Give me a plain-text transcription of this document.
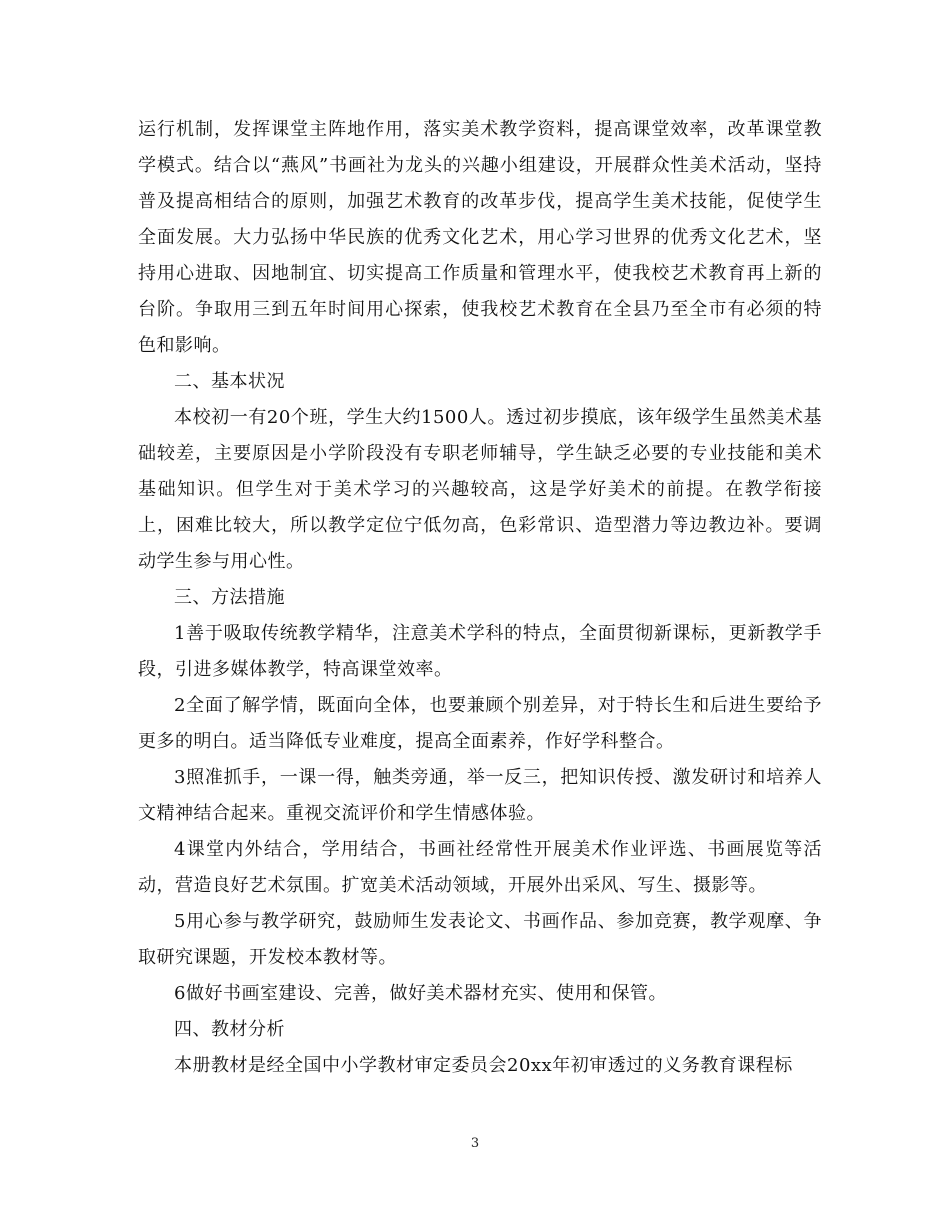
运行机制，发挥课堂主阵地作用，落实美术教学资料，提高课堂效率，改革课堂教学模式。结合以“燕风”书画社为龙头的兴趣小组建设，开展群众性美术活动，坚持普及提高相结合的原则，加强艺术教育的改革步伐，提高学生美术技能，促使学生全面发展。大力弘扬中华民族的优秀文化艺术，用心学习世界的优秀文化艺术，坚持用心进取、因地制宜、切实提高工作质量和管理水平，使我校艺术教育再上新的台阶。争取用三到五年时间用心探索，使我校艺术教育在全县乃至全市有必须的特色和影响。

二、基本状况

本校初一有20个班，学生大约1500人。透过初步摸底，该年级学生虽然美术基础较差，主要原因是小学阶段没有专职老师辅导，学生缺乏必要的专业技能和美术基础知识。但学生对于美术学习的兴趣较高，这是学好美术的前提。在教学衔接上，困难比较大，所以教学定位宁低勿高，色彩常识、造型潜力等边教边补。要调动学生参与用心性。

三、方法措施

1善于吸取传统教学精华，注意美术学科的特点，全面贯彻新课标，更新教学手段，引进多媒体教学，特高课堂效率。

2全面了解学情，既面向全体，也要兼顾个别差异，对于特长生和后进生要给予更多的明白。适当降低专业难度，提高全面素养，作好学科整合。

3照准抓手，一课一得，触类旁通，举一反三，把知识传授、激发研讨和培养人文精神结合起来。重视交流评价和学生情感体验。

4课堂内外结合，学用结合，书画社经常性开展美术作业评选、书画展览等活动，营造良好艺术氛围。扩宽美术活动领域，开展外出采风、写生、摄影等。

5用心参与教学研究，鼓励师生发表论文、书画作品、参加竞赛，教学观摩、争取研究课题，开发校本教材等。

6做好书画室建设、完善，做好美术器材充实、使用和保管。

四、教材分析

本册教材是经全国中小学教材审定委员会20xx年初审透过的义务教育课程标

3
